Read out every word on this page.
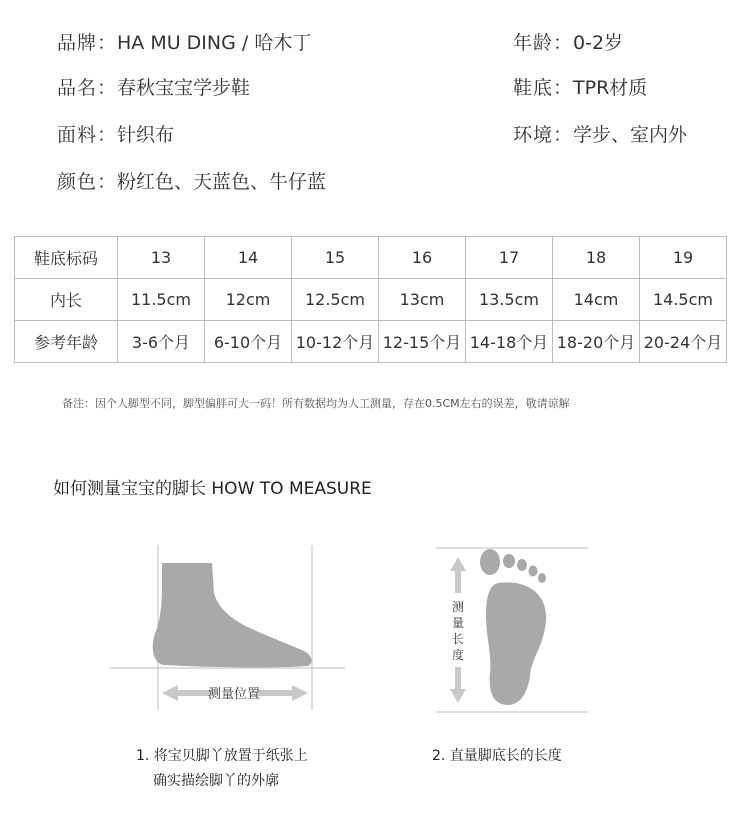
品牌：HA MU DING / 哈木丁	年龄：0-2岁
品名：春秋宝宝学步鞋	鞋底：TPR材质
面料：针织布	环境：学步、室内外
颜色：粉红色、天蓝色、牛仔蓝
鞋底标码	13	14	15	16	17	18	19
内长	11.5cm	12cm	12.5cm	13cm	13.5cm	14cm	14.5cm
参考年龄	3-6个月	6-10个月	10-12个月	12-15个月	14-18个月	18-20个月	20-24个月
备注：因个人脚型不同，脚型偏胖可大一码！所有数据均为人工测量，存在0.5CM左右的误差，敬请谅解
如何测量宝宝的脚长 HOW TO MEASURE
测量位置
测
量
长
度
1. 将宝贝脚丫放置于纸张上
确实描绘脚丫的外廓
2. 直量脚底长的长度
